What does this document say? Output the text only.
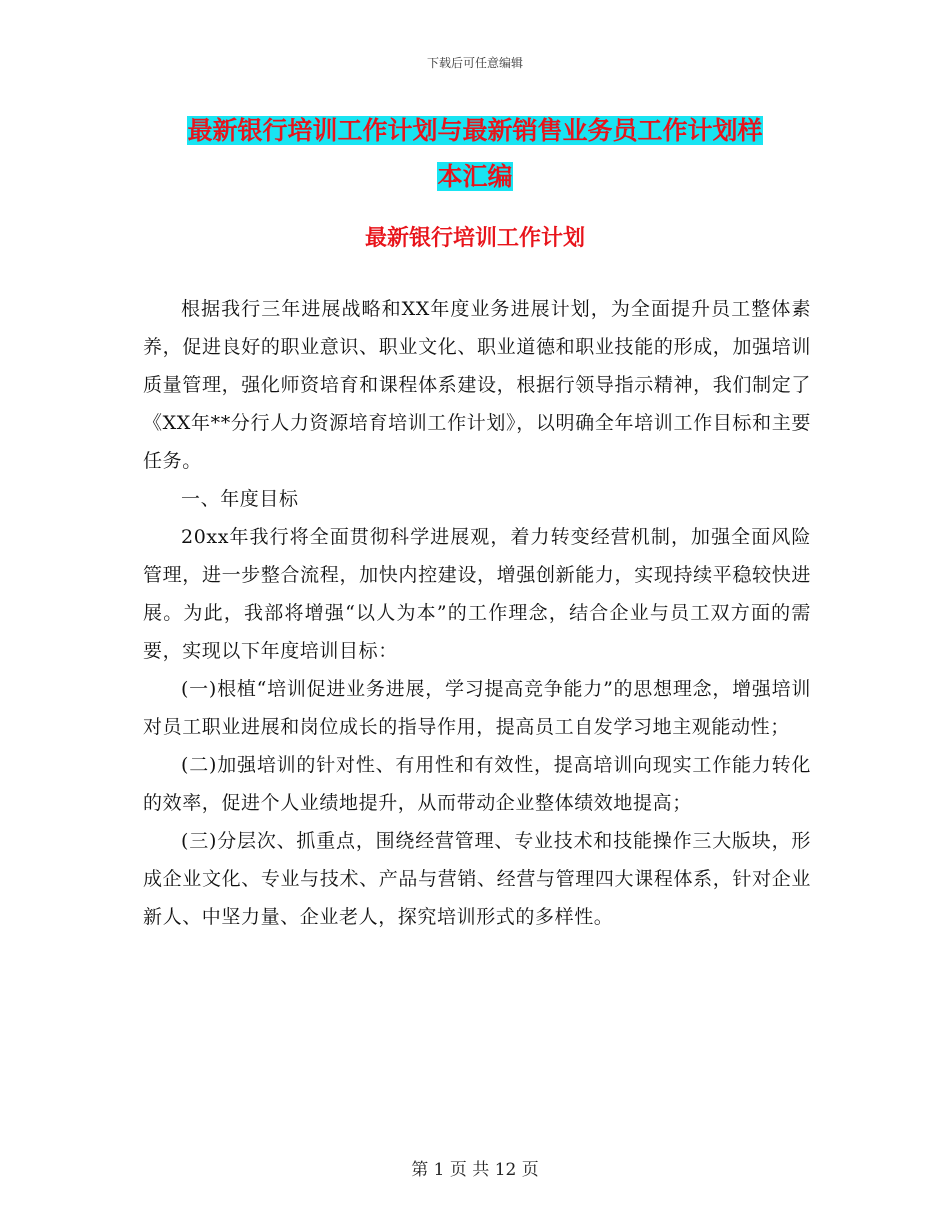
下载后可任意编辑
最新银行培训工作计划与最新销售业务员工作计划样
本汇编
最新银行培训工作计划

根据我行三年进展战略和XX年度业务进展计划，为全面提升员工整体素养，促进良好的职业意识、职业文化、职业道德和职业技能的形成，加强培训质量管理，强化师资培育和课程体系建设，根据行领导指示精神，我们制定了《XX年**分行人力资源培育培训工作计划》，以明确全年培训工作目标和主要任务。

一、年度目标

20xx年我行将全面贯彻科学进展观，着力转变经营机制，加强全面风险管理，进一步整合流程，加快内控建设，增强创新能力，实现持续平稳较快进展。为此，我部将增强“以人为本”的工作理念，结合企业与员工双方面的需要，实现以下年度培训目标：

(一)根植“培训促进业务进展，学习提高竞争能力”的思想理念，增强培训对员工职业进展和岗位成长的指导作用，提高员工自发学习地主观能动性；

(二)加强培训的针对性、有用性和有效性，提高培训向现实工作能力转化的效率，促进个人业绩地提升，从而带动企业整体绩效地提高；

(三)分层次、抓重点，围绕经营管理、专业技术和技能操作三大版块，形成企业文化、专业与技术、产品与营销、经营与管理四大课程体系，针对企业新人、中坚力量、企业老人，探究培训形式的多样性。

第 1 页 共 12 页
